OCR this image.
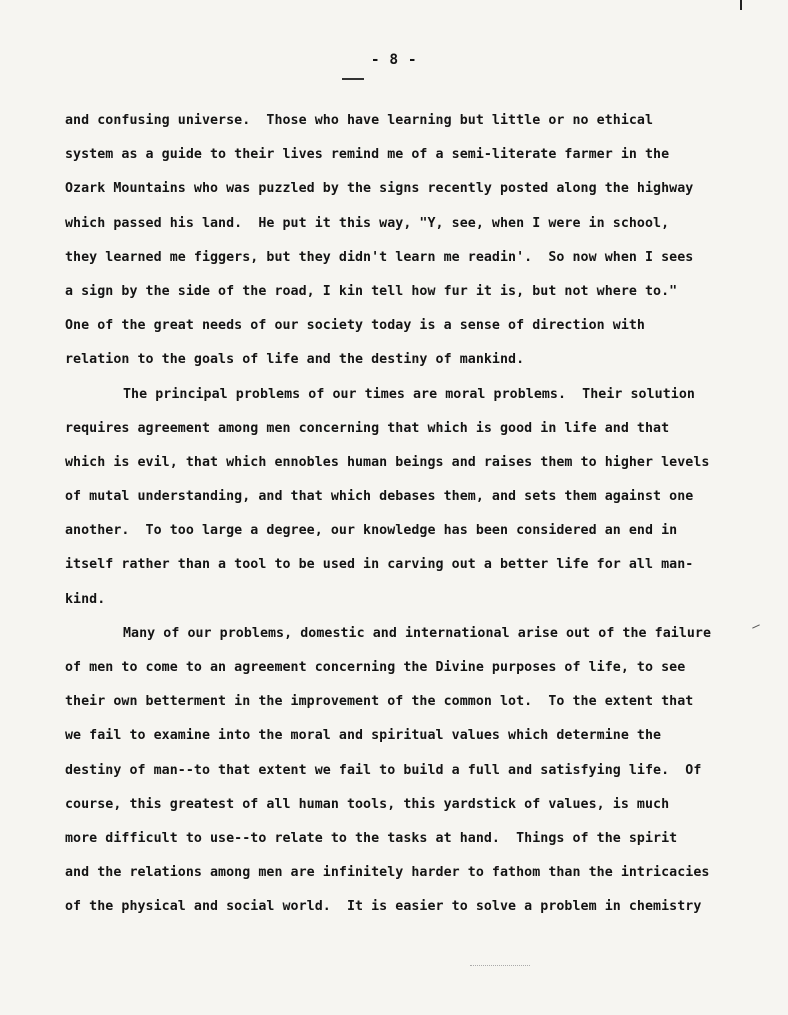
- 8 -
and confusing universe.  Those who have learning but little or no ethical
system as a guide to their lives remind me of a semi-literate farmer in the
Ozark Mountains who was puzzled by the signs recently posted along the highway
which passed his land.  He put it this way, "Y, see, when I were in school,
they learned me figgers, but they didn't learn me readin'.  So now when I sees
a sign by the side of the road, I kin tell how fur it is, but not where to."
One of the great needs of our society today is a sense of direction with
relation to the goals of life and the destiny of mankind.
The principal problems of our times are moral problems.  Their solution
requires agreement among men concerning that which is good in life and that
which is evil, that which ennobles human beings and raises them to higher levels
of mutal understanding, and that which debases them, and sets them against one
another.  To too large a degree, our knowledge has been considered an end in
itself rather than a tool to be used in carving out a better life for all man-
kind.
Many of our problems, domestic and international arise out of the failure
of men to come to an agreement concerning the Divine purposes of life, to see
their own betterment in the improvement of the common lot.  To the extent that
we fail to examine into the moral and spiritual values which determine the
destiny of man--to that extent we fail to build a full and satisfying life.  Of
course, this greatest of all human tools, this yardstick of values, is much
more difficult to use--to relate to the tasks at hand.  Things of the spirit
and the relations among men are infinitely harder to fathom than the intricacies
of the physical and social world.  It is easier to solve a problem in chemistry
